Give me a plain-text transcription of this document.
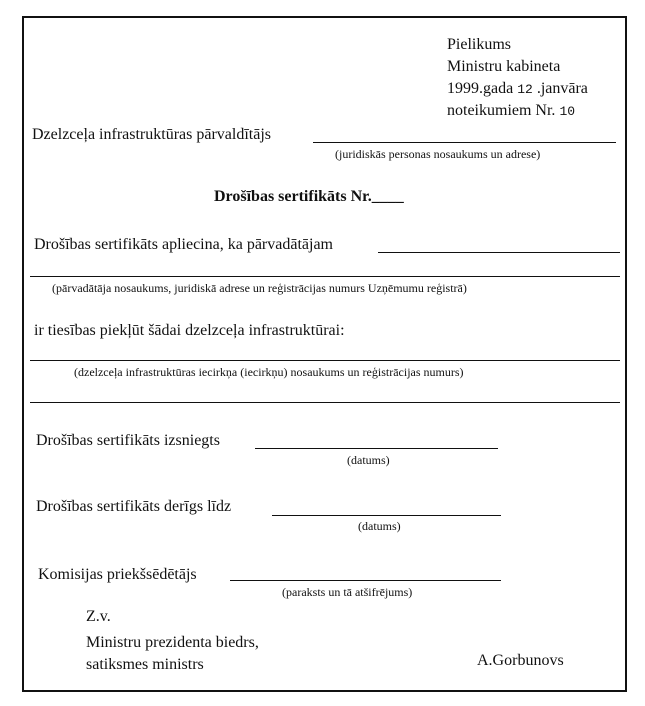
Pielikums
Ministru kabineta
1999.gada 12 .janvāra
noteikumiem Nr. 10
Dzelzceļa infrastruktūras pārvaldītājs
(juridiskās personas nosaukums un adrese)
Drošības sertifikāts Nr.____
Drošības sertifikāts apliecina, ka pārvadātājam
(pārvadātāja nosaukums, juridiskā adrese un reģistrācijas numurs Uzņēmumu reģistrā)
ir tiesības piekļūt šādai dzelzceļa infrastruktūrai:
(dzelzceļa infrastruktūras iecirkņa (iecirkņu) nosaukums un reģistrācijas numurs)
Drošības sertifikāts izsniegts
(datums)
Drošības sertifikāts derīgs līdz
(datums)
Komisijas priekšsēdētājs
(paraksts un tā atšifrējums)
Z.v.
Ministru prezidenta biedrs,
satiksmes ministrs	A.Gorbunovs
